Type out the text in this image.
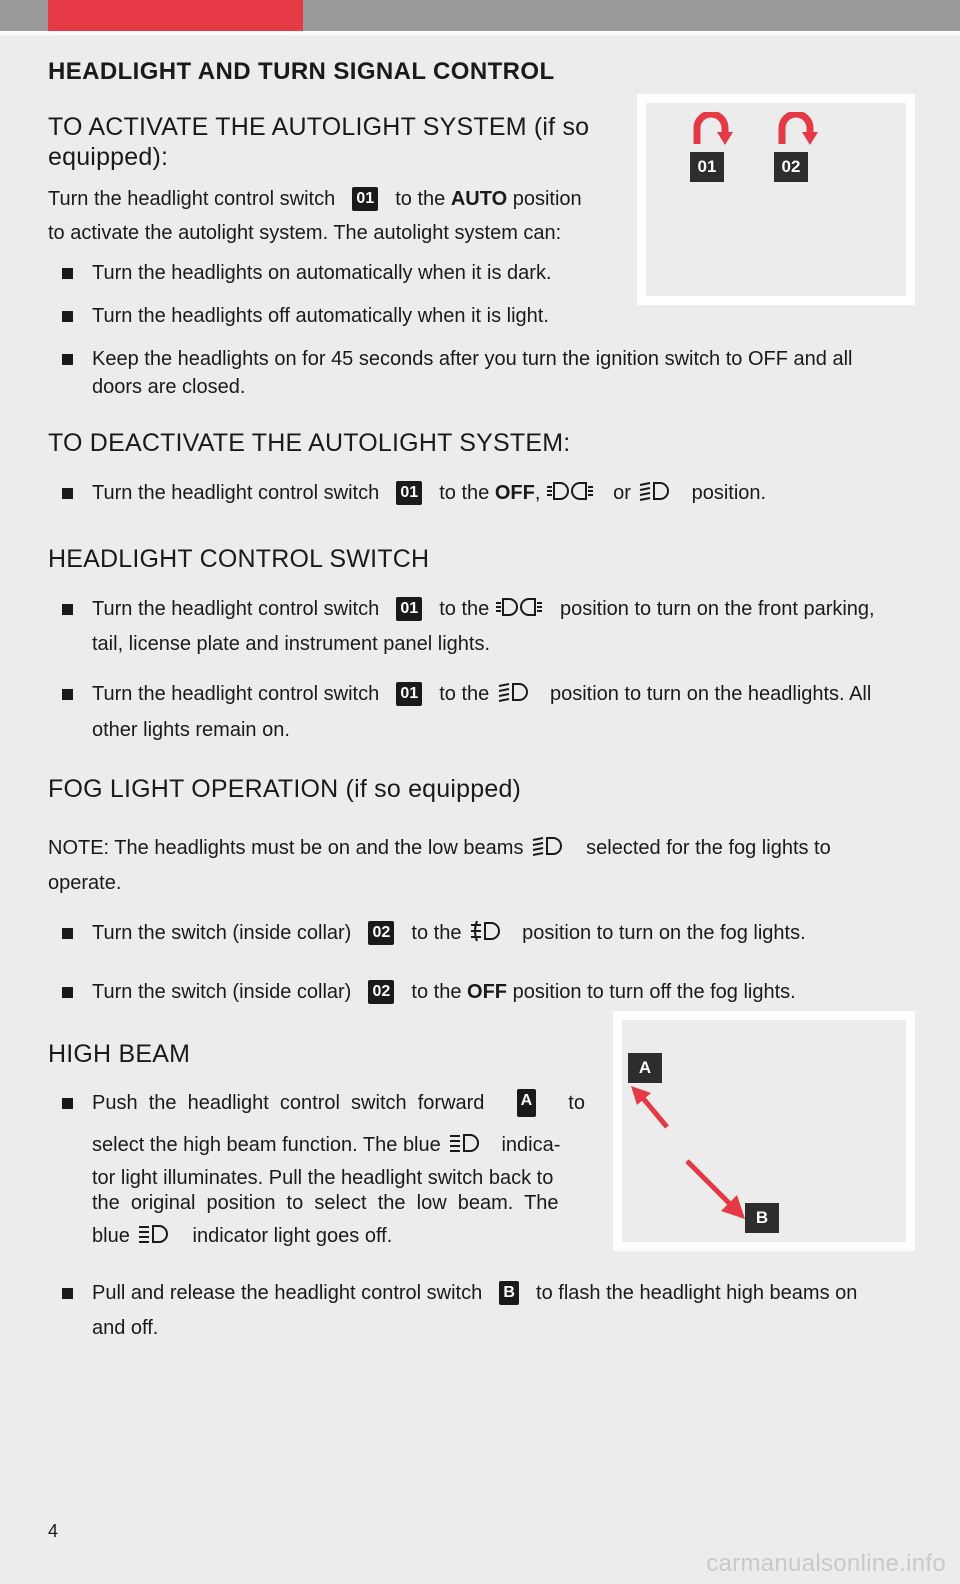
HEADLIGHT AND TURN SIGNAL CONTROL
01	02
TO ACTIVATE THE AUTOLIGHT SYSTEM (if so equipped):
Turn the headlight control switch 01 to the AUTO position
to activate the autolight system. The autolight system can:
Turn the headlights on automatically when it is dark.
Turn the headlights off automatically when it is light.
Keep the headlights on for 45 seconds after you turn the ignition switch to OFF and all
doors are closed.
TO DEACTIVATE THE AUTOLIGHT SYSTEM:
Turn the headlight control switch 01 to the OFF,	or	position.
HEADLIGHT CONTROL SWITCH
Turn the headlight control switch 01 to the	position to turn on the front parking,
tail, license plate and instrument panel lights.
Turn the headlight control switch 01 to the	position to turn on the headlights. All
other lights remain on.
FOG LIGHT OPERATION (if so equipped)
NOTE: The headlights must be on and the low beams	selected for the fog lights to
operate.
Turn the switch (inside collar) 02 to the	position to turn on the fog lights.
Turn the switch (inside collar) 02 to the OFF position to turn off the fog lights.
A
B
HIGH BEAM
Push  the  headlight  control  switch  forward A to
select the high beam function. The blue	indica-
tor light illuminates. Pull the headlight switch back to
the  original  position  to  select  the  low  beam.  The
blue	indicator light goes off.
Pull and release the headlight control switch B to flash the headlight high beams on
and off.
4
carmanualsonline.info
